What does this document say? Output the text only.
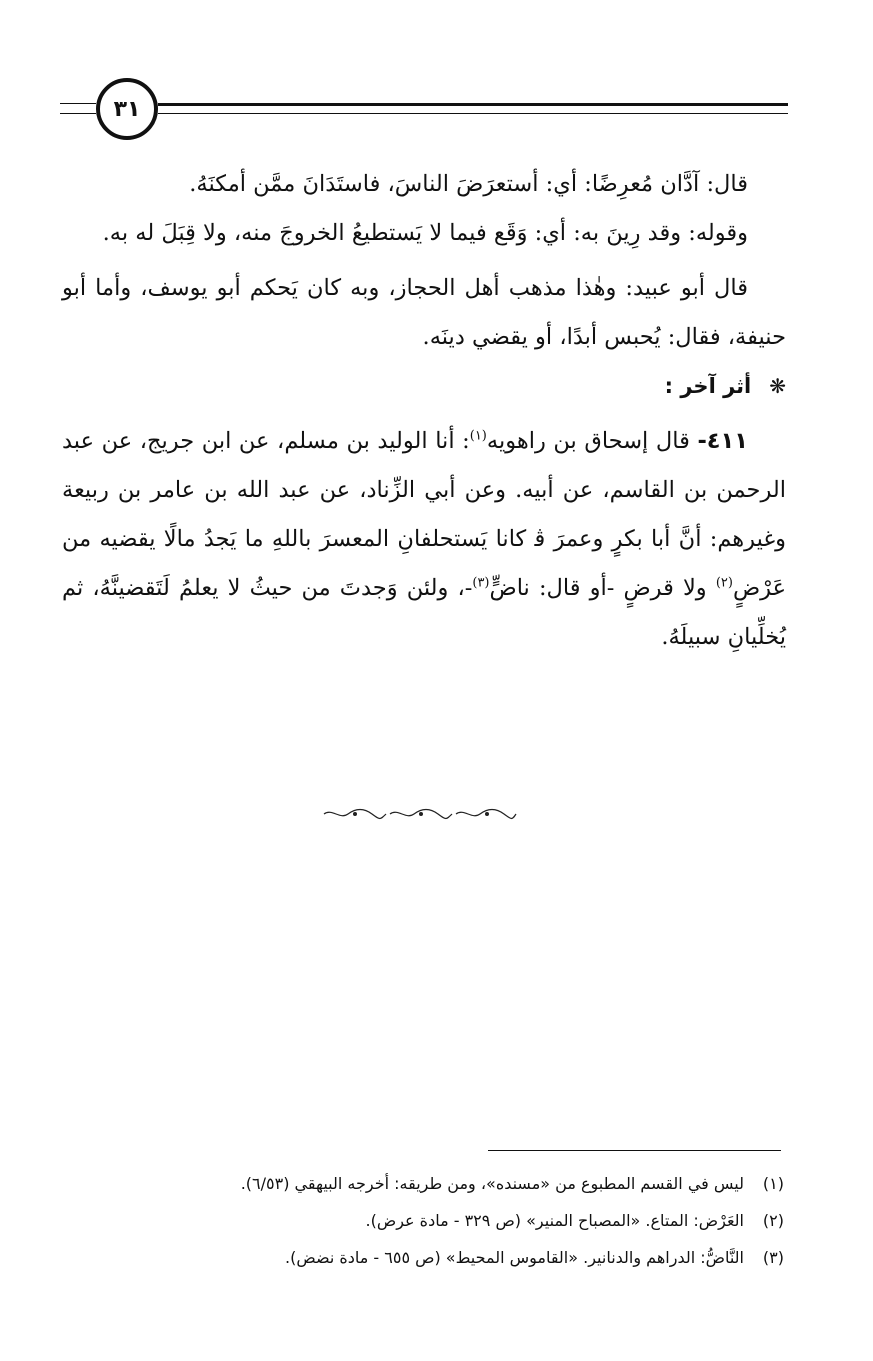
٣١

قال: آدَّان مُعرِضًا: أي: أستعرَضَ الناسَ، فاستَدَانَ ممَّن أمكنَهُ.

وقوله: وقد رِينَ به: أي: وَقَع فيما لا يَستطيعُ الخروجَ منه، ولا قِبَلَ له به.

قال أبو عبيد: وهٰذا مذهب أهل الحجاز، وبه كان يَحكم أبو يوسف، وأما أبو حنيفة، فقال: يُحبس أبدًا، أو يقضي دينَه.

❋أثر آخر :

٤١١- قال إسحاق بن راهويه$^{(١)}$: أنا الوليد بن مسلم، عن ابن جريج، عن عبد الرحمن بن القاسم، عن أبيه. وعن أبي الزِّناد، عن عبد الله بن عامر بن ربيعة وغيرهم: أنَّ أبا بكرٍ وعمرَ ﭬ كانا يَستحلفانِ المعسرَ باللهِ ما يَجدُ مالًا يقضيه من عَرْضٍ$^{(٢)}$ ولا قرضٍ -أو قال: ناضٍّ$^{(٣)}$-، ولئن وَجدتَ من حيثُ لا يعلمُ لَتَقضينَّهُ، ثم يُخلِّيانِ سبيلَهُ.

(١)ليس في القسم المطبوع من «مسنده»، ومن طريقه: أخرجه البيهقي (٦/٥٣).

(٢)العَرْض: المتاع. «المصباح المنير» (ص ٣٢٩ - مادة عرض).

(٣)النَّاضُّ: الدراهم والدنانير. «القاموس المحيط» (ص ٦٥٥ - مادة نضض).
